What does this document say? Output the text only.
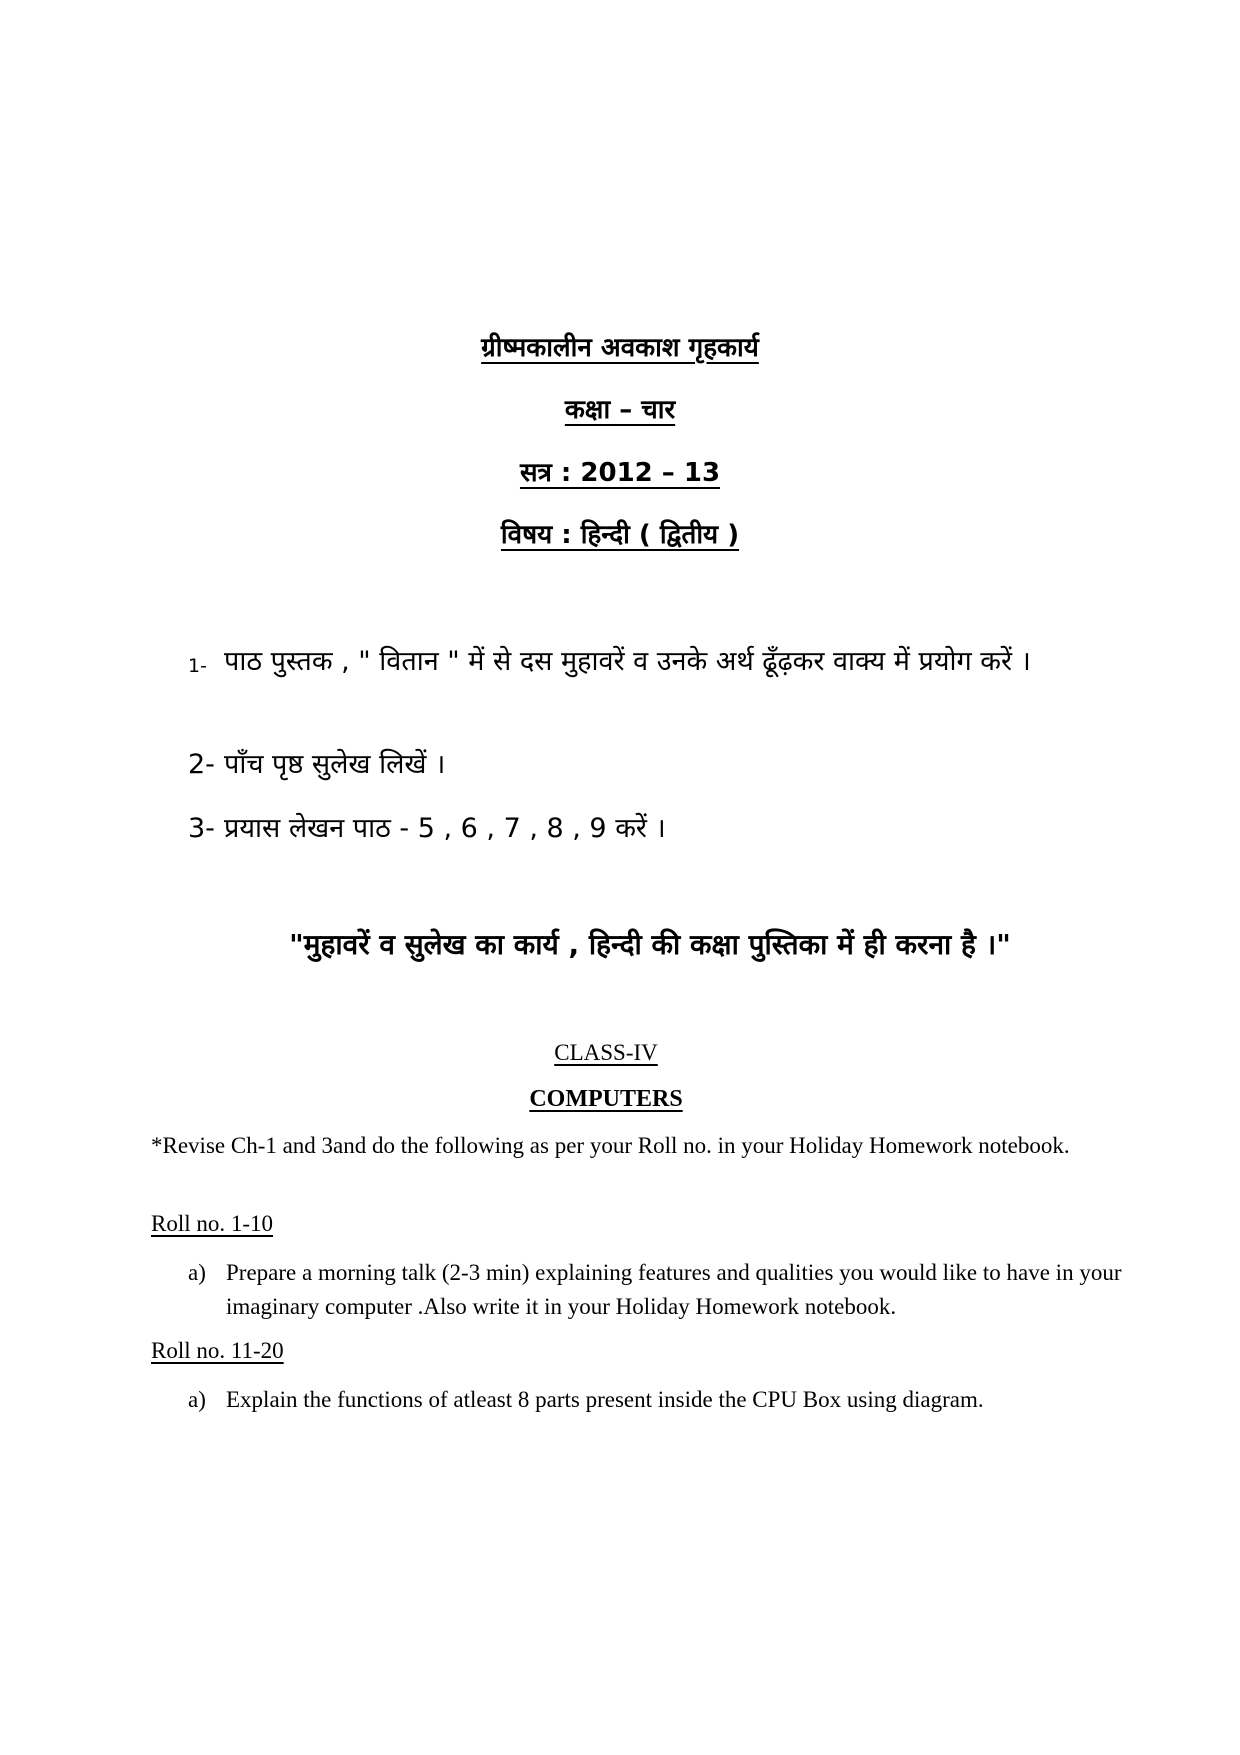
ग्रीष्मकालीन अवकाश गृहकार्य
कक्षा – चार
सत्र : 2012 – 13
विषय : हिन्दी ( द्वितीय )
1- पाठ पुस्तक , " वितान " में से दस मुहावरें व उनके अर्थ ढूँढ़कर वाक्य में प्रयोग करें ।
2- पाँच पृष्ठ सुलेख लिखें ।
3- प्रयास लेखन पाठ - 5 , 6 , 7 , 8 , 9 करें ।
"मुहावरें व सुलेख का कार्य , हिन्दी की कक्षा पुस्तिका में ही करना है ।"
CLASS-IV
COMPUTERS
*Revise Ch-1 and 3and do the following as per your Roll no. in your Holiday Homework notebook.
Roll no. 1-10
a) Prepare a morning talk (2-3 min) explaining features and qualities you would like to have in your imaginary computer .Also write it in your Holiday Homework notebook.
Roll no. 11-20
a) Explain the functions of atleast 8 parts present inside the CPU Box using diagram.
